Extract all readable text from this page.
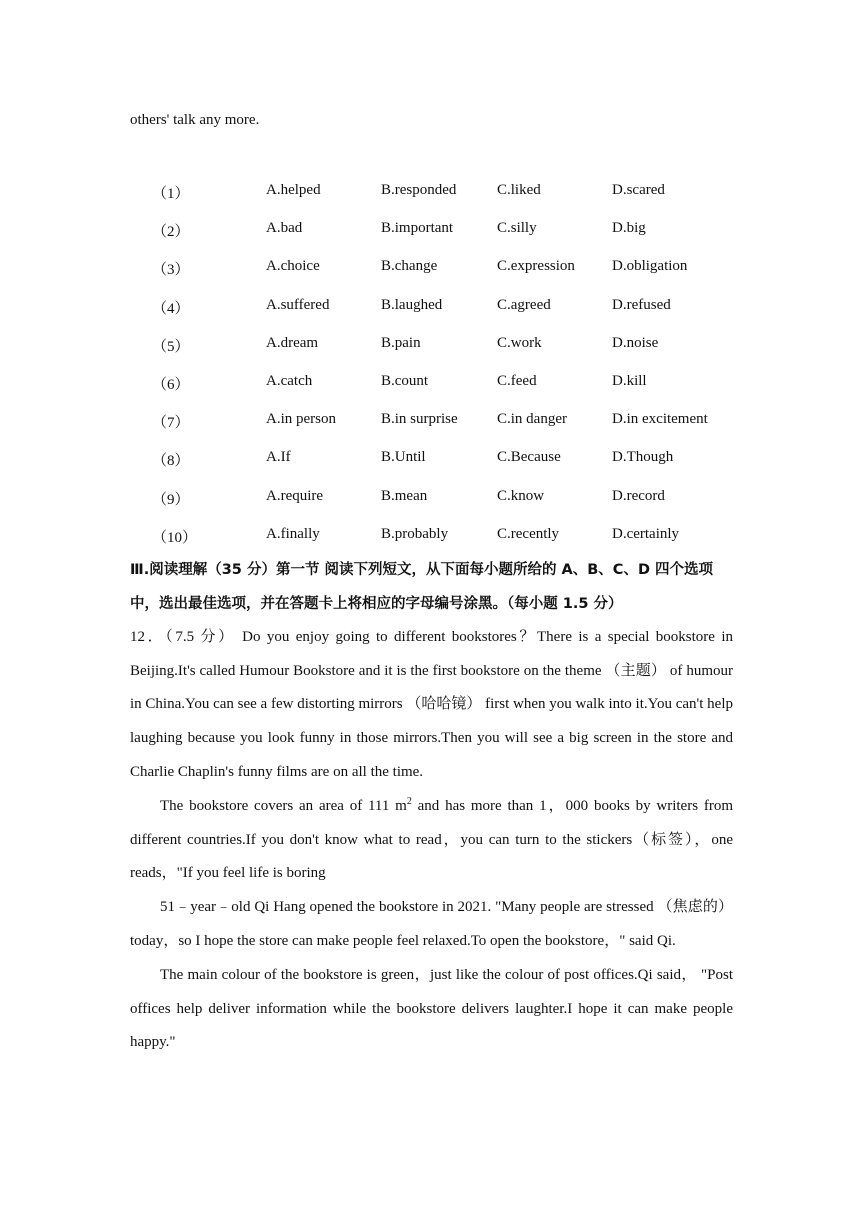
others' talk any more.
（1）	A.helped	B.responded	C.liked	D.scared
（2）	A.bad	B.important	C.silly	D.big
（3）	A.choice	B.change	C.expression D.obligation
（4）	A.suffered	B.laughed	C.agreed	D.refused
（5）	A.dream	B.pain	C.work	D.noise
（6）	A.catch	B.count	C.feed	D.kill
（7）	A.in person	B.in surprise	C.in danger	D.in excitement
（8）	A.If	B.Until	C.Because	D.Though
（9）	A.require	B.mean	C.know	D.record
（10）	A.finally	B.probably	C.recently	D.certainly
Ⅲ.阅读理解（35 分）第一节 阅读下列短文，从下面每小题所给的 A、B、C、D 四个选项
中，选出最佳选项，并在答题卡上将相应的字母编号涂黑。（每小题 1.5 分）
12．（7.5 分） Do you enjoy going to different bookstores？There is a special bookstore in Beijing.It's called Humour Bookstore and it is the first bookstore on the theme （主题） of humour in China.You can see a few distorting mirrors （哈哈镜） first when you walk into it.You can't help laughing because you look funny in those mirrors.Then you will see a big screen in the store and Charlie Chaplin's funny films are on all the time.
The bookstore covers an area of 111 $m^2$ and has more than 1，000 books by writers from different countries.If you don't know what to read，you can turn to the stickers（标签），one reads，"If you feel life is boring
51﹣year﹣old Qi Hang opened the bookstore in 2021. "Many people are stressed （焦虑的） today，so I hope the store can make people feel relaxed.To open the bookstore，" said Qi.
The main colour of the bookstore is green，just like the colour of post offices.Qi said， "Post offices help deliver information while the bookstore delivers laughter.I hope it can make people happy."
